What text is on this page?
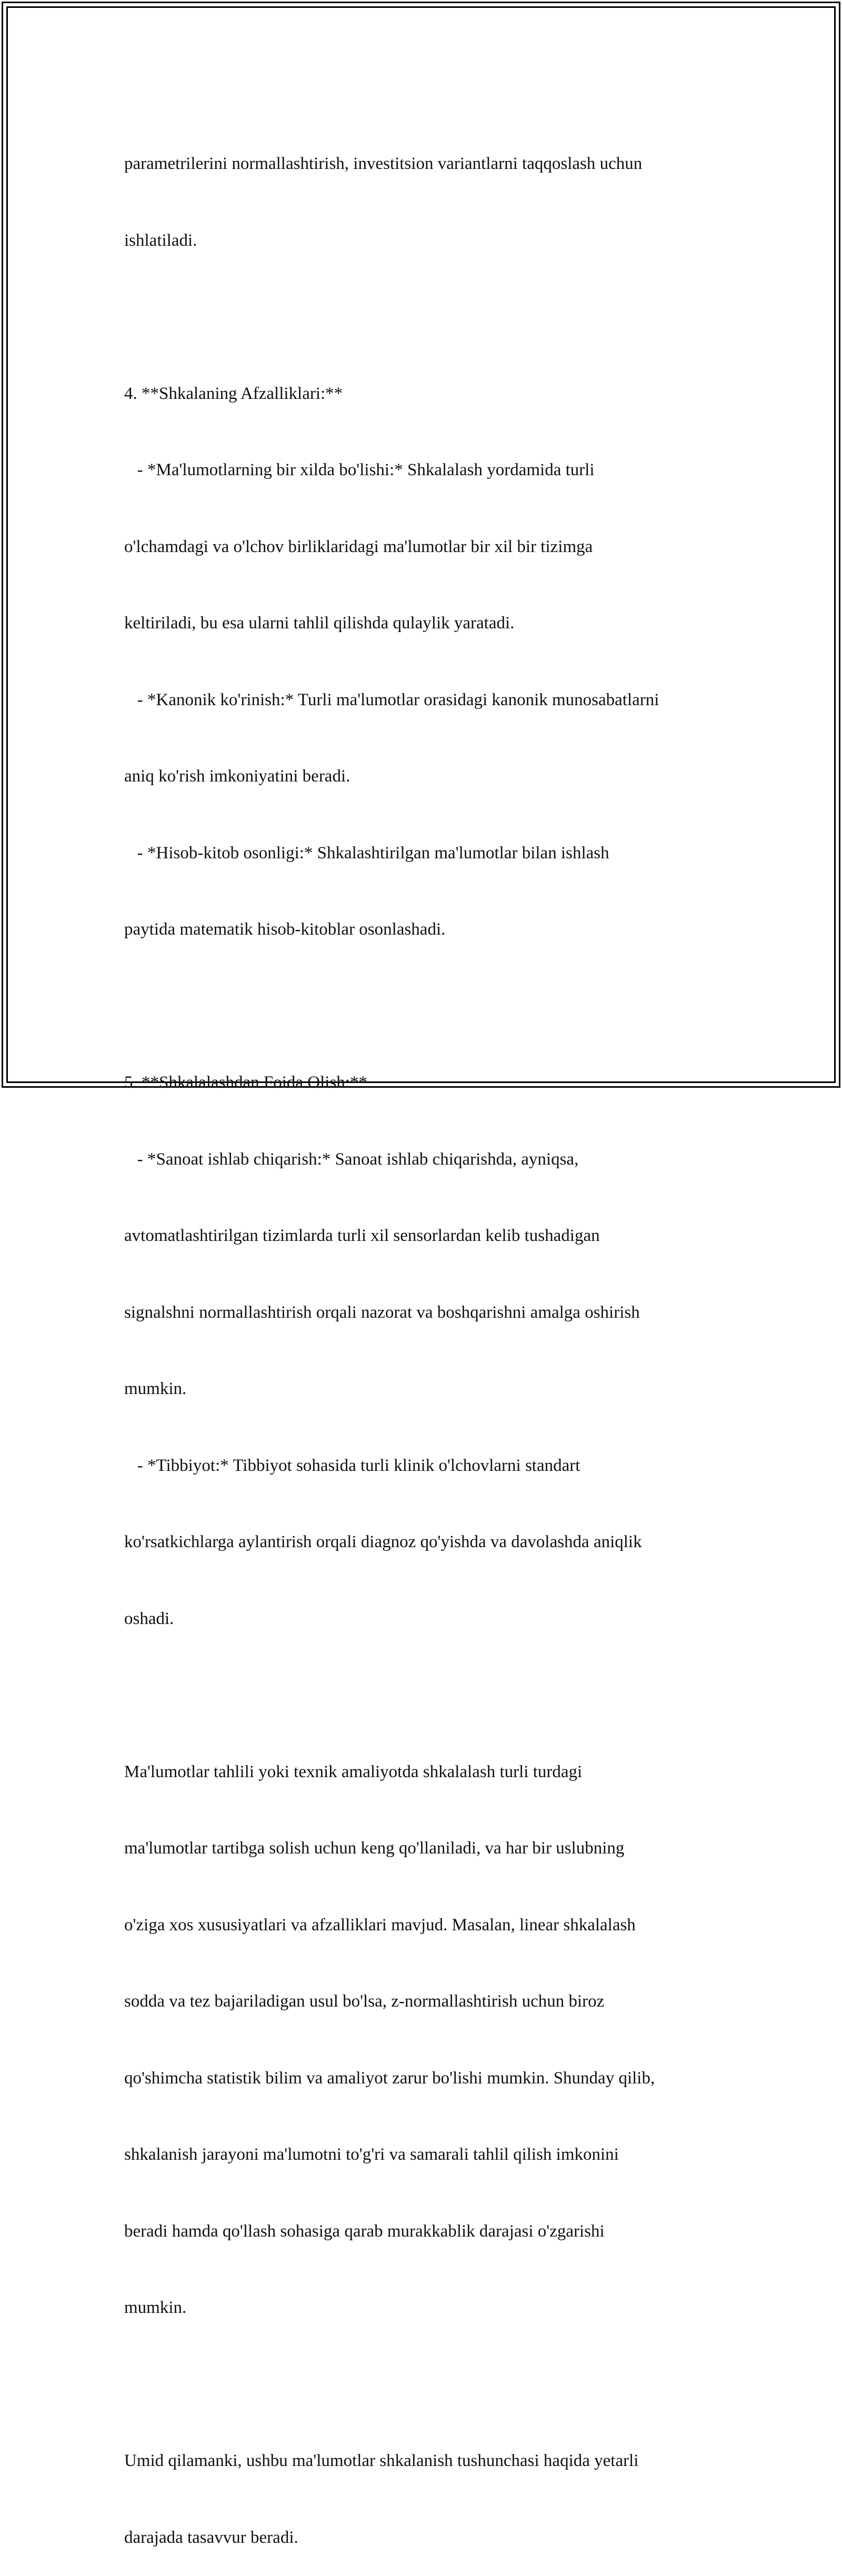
parametrilerini normallashtirish, investitsion variantlarni taqqoslash uchun

ishlatiladi.

4. **Shkalaning Afzalliklari:**

- *Ma'lumotlarning bir xilda bo'lishi:* Shkalalash yordamida turli

o'lchamdagi va o'lchov birliklaridagi ma'lumotlar bir xil bir tizimga

keltiriladi, bu esa ularni tahlil qilishda qulaylik yaratadi.

- *Kanonik ko'rinish:* Turli ma'lumotlar orasidagi kanonik munosabatlarni

aniq ko'rish imkoniyatini beradi.

- *Hisob-kitob osonligi:* Shkalashtirilgan ma'lumotlar bilan ishlash

paytida matematik hisob-kitoblar osonlashadi.

5. **Shkalalashdan Foida Olish:**

- *Sanoat ishlab chiqarish:* Sanoat ishlab chiqarishda, ayniqsa,

avtomatlashtirilgan tizimlarda turli xil sensorlardan kelib tushadigan

signalshni normallashtirish orqali nazorat va boshqarishni amalga oshirish

mumkin.

- *Tibbiyot:* Tibbiyot sohasida turli klinik o'lchovlarni standart

ko'rsatkichlarga aylantirish orqali diagnoz qo'yishda va davolashda aniqlik

oshadi.

Ma'lumotlar tahlili yoki texnik amaliyotda shkalalash turli turdagi

ma'lumotlar tartibga solish uchun keng qo'llaniladi, va har bir uslubning

o'ziga xos xususiyatlari va afzalliklari mavjud. Masalan, linear shkalalash

sodda va tez bajariladigan usul bo'lsa, z-normallashtirish uchun biroz

qo'shimcha statistik bilim va amaliyot zarur bo'lishi mumkin. Shunday qilib,

shkalanish jarayoni ma'lumotni to'g'ri va samarali tahlil qilish imkonini

beradi hamda qo'llash sohasiga qarab murakkablik darajasi o'zgarishi

mumkin.

Umid qilamanki, ushbu ma'lumotlar shkalanish tushunchasi haqida yetarli

darajada tasavvur beradi.
